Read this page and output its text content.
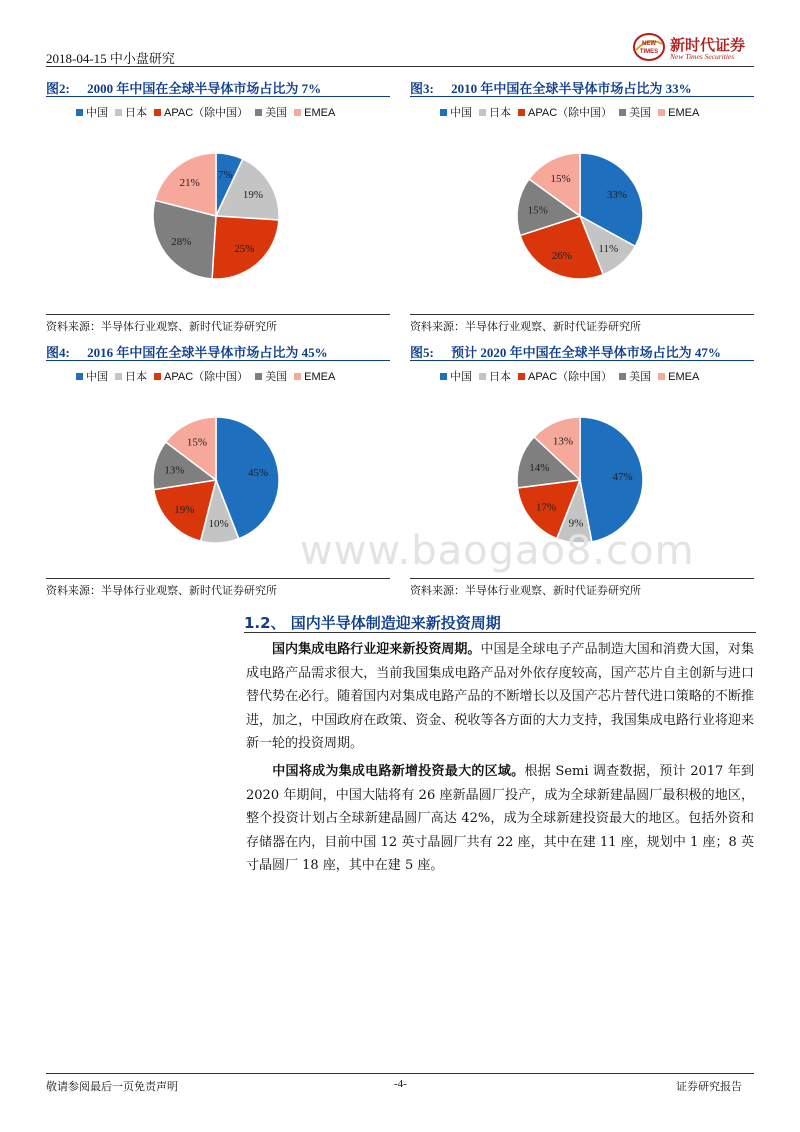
2018-04-15 中小盘研究
NEW
TIMES 新时代证券
New Times Securities
图2: 2000 年中国在全球半导体市场占比为 7%
中国 日本 APAC（除中国） 美国 EMEA
7%
19%
25%
28%
21%
资料来源：半导体行业观察、新时代证券研究所
图3: 2010 年中国在全球半导体市场占比为 33%
中国 日本 APAC（除中国） 美国 EMEA
33%
11%
26%
15%
15%
资料来源：半导体行业观察、新时代证券研究所
图4: 2016 年中国在全球半导体市场占比为 45%
中国 日本 APAC（除中国） 美国 EMEA
45%
10%
19%
13%
15%
资料来源：半导体行业观察、新时代证券研究所
图5: 预计 2020 年中国在全球半导体市场占比为 47%
中国 日本 APAC（除中国） 美国 EMEA
47%
9%
17%
14%
13%
资料来源：半导体行业观察、新时代证券研究所
www.baogao8.com
1.2、 国内半导体制造迎来新投资周期
国内集成电路行业迎来新投资周期。中国是全球电子产品制造大国和消费大国，对集成电路产品需求很大，当前我国集成电路产品对外依存度较高，国产芯片自主创新与进口替代势在必行。随着国内对集成电路产品的不断增长以及国产芯片替代进口策略的不断推进，加之，中国政府在政策、资金、税收等各方面的大力支持，我国集成电路行业将迎来新一轮的投资周期。
中国将成为集成电路新增投资最大的区域。根据 Semi 调查数据，预计 2017 年到 2020 年期间，中国大陆将有 26 座新晶圆厂投产，成为全球新建晶圆厂最积极的地区，整个投资计划占全球新建晶圆厂高达 42%，成为全球新建投资最大的地区。包括外资和存储器在内，目前中国 12 英寸晶圆厂共有 22 座，其中在建 11 座，规划中 1 座；8 英寸晶圆厂 18 座，其中在建 5 座。
敬请参阅最后一页免责声明	-4-	证券研究报告
